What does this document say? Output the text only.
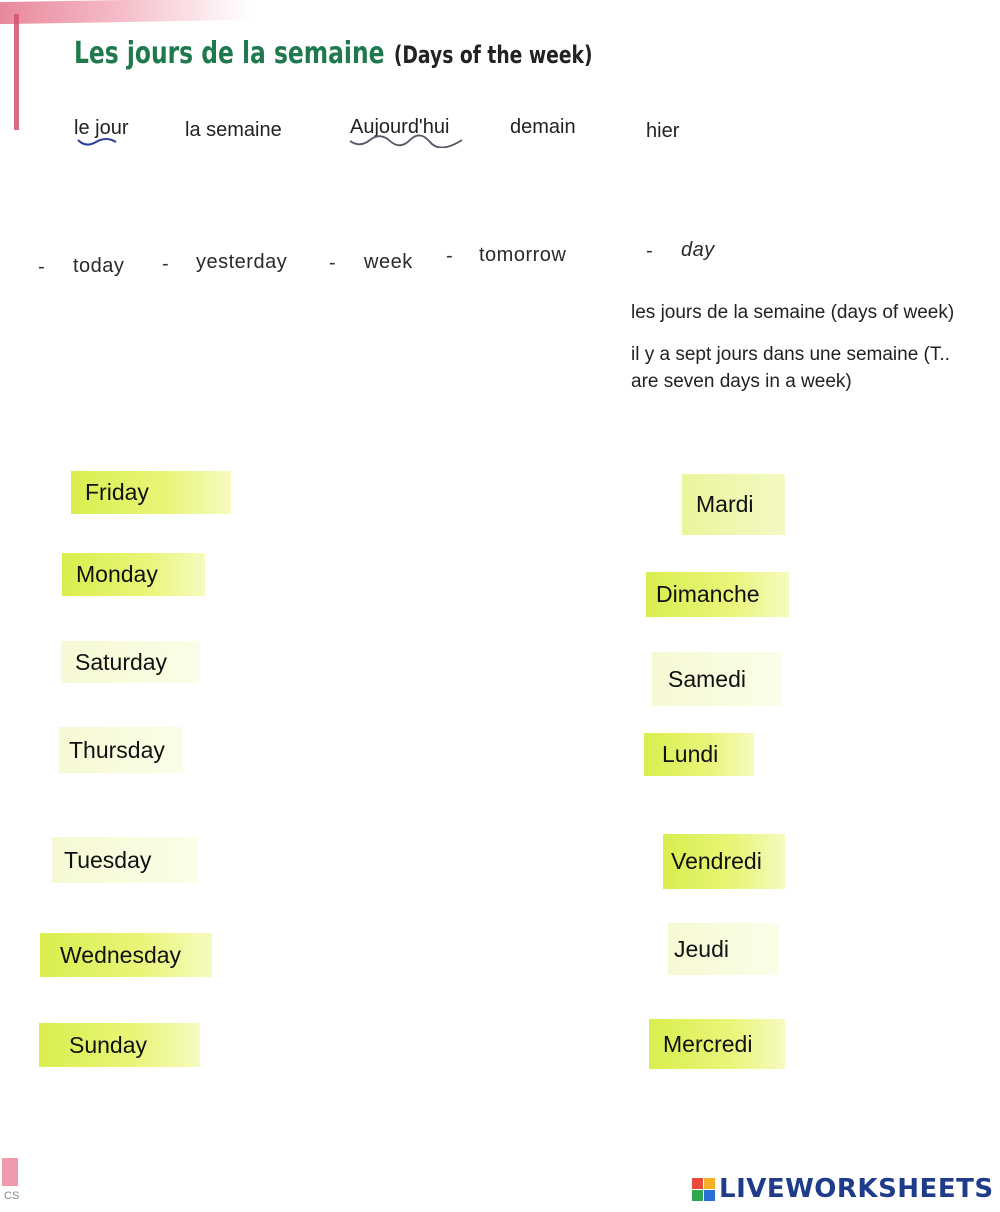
CS
Les jours de la semaine (Days of the week)
le jour	la semaine	Aujourd'hui	demain	hier
- today - yesterday - week - tomorrow	- day
les jours de la semaine (days of week)
il y a sept jours dans une semaine (T..
are seven days in a week)
Friday
Monday
Saturday
Thursday
Tuesday
Wednesday
Sunday
Mardi
Dimanche
Samedi
Lundi
Vendredi
Jeudi
Mercredi
LIVEWORKSHEETS
